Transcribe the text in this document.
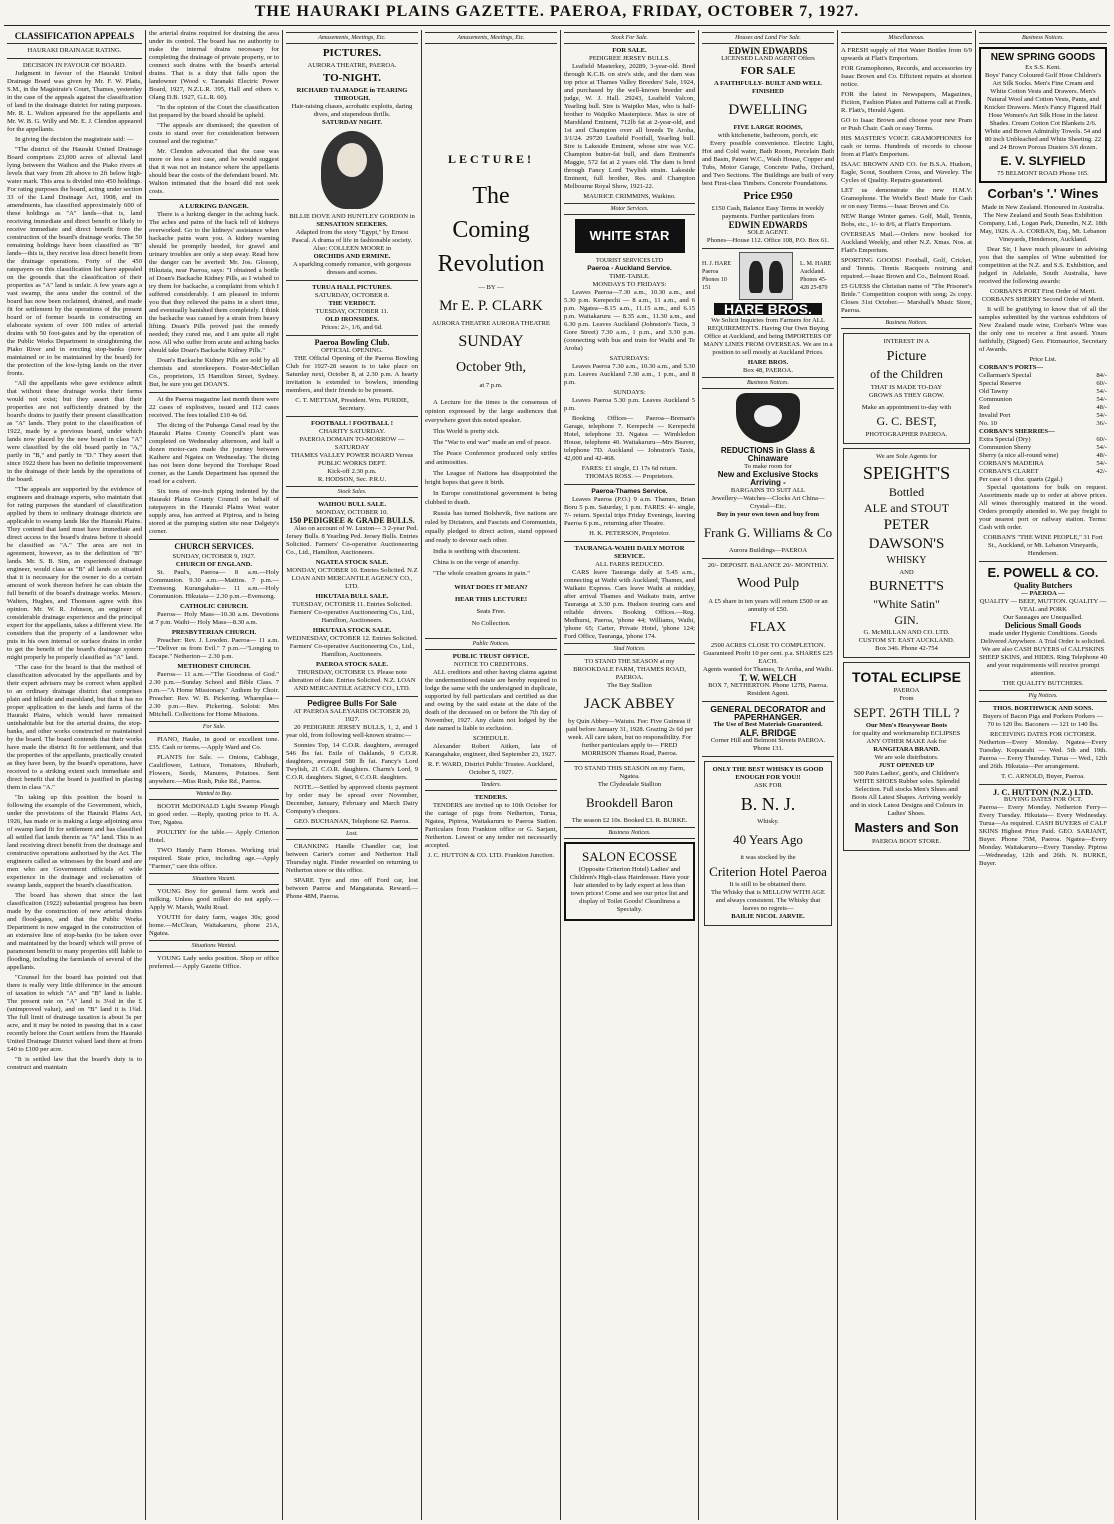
THE HAURAKI PLAINS GAZETTE. PAEROA, FRIDAY, OCTOBER 7, 1927.
CLASSIFICATION APPEALS
HAURAKI DRAINAGE RATING.
DECISION IN FAVOUR OF BOARD.

Judgment in favour of the Hauraki United Drainage Board was given by Mr. F. W. Platts, S.M., in the Magistrate's Court, Thames, yesterday in the case of the appeals against the classification of land in the drainage district for rating purposes. Mr. R. L. Walton appeared for the appellants and Mr. W. B. G. Willy and Mr. E. J. Clendon appeared for the appellants.

In giving the decision the magistrate said: —

"The district of the Hauraki United Drainage Board comprises 23,000 acres of alluvial land lying between the Waihou and the Piako rivers at levels that vary from 2ft above to 2ft below high-water mark. This area is divided into 450 holdings. For rating purposes the board, acting under section 33 of the Land Drainage Act, 1908, and its amendments, has classified approximately 600 of these holdings as "A" lands—that is, land receiving immediate and direct benefit or likely to receive immediate and direct benefit from the construction of the board's drainage works. The 50 remaining holdings have been classified as "B" lands—this is, they receive less direct benefit from the drainage operations. Forty of the 450 ratepayers on this classification list have appealed on the grounds that the classification of their properties as "A" land is unfair. A few years ago a vast swamp, the area under the control of the board has now been reclaimed, drained, and made fit for settlement by the operations of the present board or of former boards in constructing an elaborate system of over 100 miles of arterial drains with 50 foot-gates and by the operation of the Public Works Department in straightening the Piako River and in erecting stop-banks (now maintained or to be maintained by the board) for the protection of the low-lying lands on the river fronts.

"All the appellants who gave evidence admit that without these drainage works their farms would not exist; but they assert that their properties are not sufficiently drained by the board's drains to justify their present classification as "A" lands. They point to the classification of 1922, made by a previous board, under which lands now placed by the new board in class "A" were classified by the old board partly in "A," partly in "B," and partly in "D." They assert that since 1922 there has been no definite improvement in the drainage of their lands by the operations of the board.

"The appeals are supported by the evidence of engineers and drainage experts, who maintain that for rating purposes the standard of classification applied by them to ordinary drainage districts are applicable to swamp lands like the Hauraki Plains. They contend that land must have immediate and direct access to the board's drains before it should be classified as "A." The area are not in agreement, however, as to the definition of "B" lands. Mr. S. B. Sim, an experienced drainage engineer, would class as "B" all lands so situated that it is necessary for the owner to do a certain amount of work thereon before he can obtain the full benefit of the board's drainage works. Messrs. Walters, Hughes, and Thomson agree with this opinion. Mr. W. R. Johnson, an engineer of considerable drainage experience and the principal expert for the appellants, takes a different view. He considers that the property of a landowner who puts in his own internal or surface drains in order to get the benefit of the board's drainage system might properly be properly classified as "A" land.

"The case for the board is that the method of classification advocated by the appellants and by their expert advisers may be correct when applied to an ordinary drainage district that comprises plain and hillside and marshland, but that it has no proper application to the lands and farms of the Hauraki Plains, which would have remained uninhabitable but for the arterial drains, the stop-banks, and other works constructed or maintained by the board. The board contends that their works have made the district fit for settlement, and that the properties of the appellants, practically created as they have been, by the board's operations, have received to a striking extent such immediate and direct benefit that the board is justified in placing them in class "A."

"In taking up this position the board is following the example of the Government, which, under the provisions of the Hauraki Plains Act, 1926, has made or is making a large adjoining area of swamp land fit for settlement and has classified all settled flat lands therein as "A" land. This is as land receiving direct benefit from the drainage and constructive operations authorised by the Act. The engineers called as witnesses by the board and are men who are Government officials of wide experience in the drainage and reclamation of swamp lands, support the board's classification.

The board has shown that since the last classification (1922) substantial progress has been made by the construction of new arterial drains and flood-gates, and that the Public Works Department is now engaged in the construction of an extensive line of stop-banks (to be taken over and maintained by the board) which will prove of paramount benefit to many properties still liable to flooding, including the farmlands of several of the appellants.

"Counsel for the board has pointed out that there is really very little difference in the amount of taxation to which "A" and "B" land is liable. The present rate on "A" land is 3¼d in the £ (unimproved value), and on "B" land it is 1¾d. The full limit of drainage taxation is about 3s per acre, and it may be noted in passing that in a case recently before the Court settlers from the Hauraki United Drainage District valued land there at from £40 to £100 per acre.

"It is settled law that the board's duty is to construct and maintain

the arterial drains required for draining the area under its control. The board has no authority to make the internal drains necessary for completing the drainage of private property, or to connect such drains with the board's arterial drains. That is a duty that falls upon the landowner (Wood v. Taranaki Electric Power Board, 1927, N.Z.L.R. 395, Hall and others v. Olang D.B. 1927, G.L.R. 60).

"In the opinion of the Court the classification list prepared by the board should be upheld.

"The appeals are dismissed; the question of costs to stand over for consideration between counsel and the registrar."

Mr. Clendon advocated that the case was more or less a test case, and he would suggest that it was not an instance where the appellants should bear the costs of the defendant board. Mr. Walton intimated that the board did not seek costs.

A LURKING DANGER.

There is a lurking danger in the aching back. The aches and pains of the back tell of kidneys overworked. Go to the kidneys' assistance when backache pains warn you. A kidney warning should be promptly heeded, for gravel and urinary troubles are only a step away. Read how the danger can be averted: Mr. Jos. Glossop, Hikutaia, near Paeroa, says: "I obtained a bottle of Doan's Backache Kidney Pills, as I wished to try them for backache, a complaint from which I suffered considerably. I am pleased to inform you that they relieved the pains in a short time, and eventually banished them completely. I think the backache was caused by a strain from heavy lifting. Doan's Pills proved just the remedy needed; they cured me, and I am quite all right now. All who suffer from acute and aching backs should take Doan's Backache Kidney Pills."

Doan's Backache Kidney Pills are sold by all chemists and storekeepers. Foster-McClellan Co., proprietors, 15 Hamilton Street, Sydney. But, be sure you get DOAN'S.

At the Paeroa magazine last month there were 22 cases of explosives, issued and 112 cases received. The fees totalled £10 4s 6d.

The dicing of the Puhanga Canal road by the Hauraki Plains County Council's plant was completed on Wednesday afternoon, and half a dozen motor-cars made the journey between Kaihere and Ngatea on Wednesday. The dicing has not been done beyond the Torehape Road corner, as the Lands Department has opened the road for a culvert.

Six tons of one-inch piping indented by the Hauraki Plains County Council on behalf of ratepayers in the Hauraki Plains West water supply area, has arrived at Pipiroa, and is being stored at the pumping station site near Dalgety's corner.

CHURCH SERVICES.
SUNDAY, OCTOBER 9, 1927.
CHURCH OF ENGLAND.

St. Paul's, Paeroa— 8 a.m.—Holy Communion. 9.30 a.m.—Mattins. 7 p.m.—Evensong. Kurangahake— 11 a.m.—Holy Communion. Hikutaia— 2.30 p.m.—Evensong.

CATHOLIC CHURCH.

Paeroa— Holy Mass—10.30 a.m. Devotions at 7 p.m. Waihi— Holy Mass—8.30 a.m.

PRESBYTERIAN CHURCH.

Preacher: Rev. J. Lowden. Paeroa— 11 a.m.—"Deliver us from Evil." 7 p.m.—"Longing to Escape." Netherton— 2.30 p.m.

METHODIST CHURCH.

Paeroa— 11 a.m.—"The Goodness of God." 2.30 p.m.—Sunday School and Bible Class. 7 p.m.—"A Home Missionary." Anthem by Choir. Preacher: Rev. W. B. Pickering. Whareplaa— 2.30 p.m.—Rev. Pickering. Soloist: Mrs Mitchell. Collections for Home Missions.

For Sale.

PIANO, Hauke, in good or excellent tone. £35. Cash or terms.—Apply Ward and Co.

PLANTS for Sale. — Onions, Cabbage, Cauliflower, Lettuce, Tomatoes, Rhubarb, Flowers, Seeds, Manures, Potatoes. Sent anywhere.—Miss Rush, Puke Rd., Paeroa.

Wanted to Buy.

BOOTH McDONALD Light Swamp Plough in good order. —Reply, quoting price to H. A. Torr, Ngatea.

POULTRY for the table.— Apply Criterion Hotel.

TWO Handy Farm Horses. Working trial required. State price, including age.—Apply "Farmer," care this office.

Situations Vacant.

YOUNG Boy for general farm work and milking. Unless good milker do not apply.—Apply W. Marsh, Waihi Road.

YOUTH for dairy farm, wages 30s; good home.—McClean, Waitakaruru, phone 21A, Ngatea.

Situations Wanted.

YOUNG Lady seeks position. Shop or office preferred.— Apply Gazette Office.

Amusements, Meetings, Etc.
PICTURES.
AURORA THEATRE, PAEROA.
TO-NIGHT.
RICHARD TALMADGE in TEARING THROUGH.
Hair-raising chases, acrobatic exploits, daring dives, and stupendous thrills.
SATURDAY NIGHT.
BILLIE DOVE AND HUNTLEY GORDON in
SENSATION SEEKERS.
Adapted from the story "Egypt," by Ernest Pascal. A drama of life in fashionable society.
Also: COLLEEN MOORE in
ORCHIDS AND ERMINE.
A sparkling comedy romance, with gorgeous dresses and scenes.
TURUA HALL PICTURES.
SATURDAY, OCTOBER 8.
THE VERDICT.
TUESDAY, OCTOBER 11.
OLD IRONSIDES.
Prices: 2/-, 1/6, and 6d.
Paeroa Bowling Club.
OFFICIAL OPENING.

THE Official Opening of the Paeroa Bowling Club for 1927-28 season is to take place on Saturday next, October 8, at 2.30 p.m. A hearty invitation is extended to bowlers, intending members, and their friends to be present.

C. T. METTAM, President. Wm. PURDIE, Secretary.
FOOTBALL ! FOOTBALL !
CHARITY SATURDAY.
PAEROA DOMAIN TO-MORROW — SATURDAY
THAMES VALLEY POWER BOARD Versus PUBLIC WORKS DEPT.
Kick-off 2.30 p.m.
R. HODSON, Sec. P.R.U.
Stock Sales.
WAIHOU BULL SALE.
MONDAY, OCTOBER 10.
150 PEDIGREE & GRADE BULLS.

Also on account of W. Luxton— 3 2-year Ped. Jersey Bulls. 8 Yearling Ped. Jersey Bulls. Entries Solicited. Farmers' Co-operative Auctioneering Co., Ltd., Hamilton, Auctioneers.

NGATEA STOCK SALE.

MONDAY, OCTOBER 10. Entries Solicited. N.Z LOAN AND MERCANTILE AGENCY CO., LTD.

HIKUTAIA BULL SALE.

TUESDAY, OCTOBER 11. Entries Solicited. Farmers' Co-operative Auctioneering Co., Ltd., Hamilton, Auctioneers.

HIKUTAIA STOCK SALE.

WEDNESDAY, OCTOBER 12. Entries Solicited. Farmers' Co-operative Auctioneering Co., Ltd., Hamilton, Auctioneers.

PAEROA STOCK SALE.

THURSDAY, OCTOBER 13. Please note alteration of date. Entries Solicited. N.Z. LOAN AND MERCANTILE AGENCY CO., LTD.

Pedigree Bulls For Sale
AT PAEROA SALEYARDS OCTOBER 20, 1927.

20 PEDIGREE JERSEY BULLS, 1, 2, and 1 year old, from following well-known strains:—

Sonnies Top, 14 C.O.R. daughters, averaged 546 lbs fat. Exile of Oaklands, 9 C.O.R. daughters, averaged 580 lb fat. Fancy's Lord Twylish, 21 C.O.R. daughters. Charm's Lord, 9 C.O.R. daughters. Signet, 6 C.O.R. daughters.

NOTE.—Settled by approved clients payment by order may be spread over November, December, January, February and March Dairy Company's cheques.

GEO. BUCHANAN, Telephone 62. Paeroa.
Lost.

CRANKING Handle Chandler car, lost between Carter's corner and Netherton Hall Thursday night. Finder rewarded on returning to Netherton store or this office.

SPARE Tyre and rim off Ford car, lost between Paeroa and Mangatarata. Reward.—Phone 48M, Paeroa.

Amusements, Meetings, Etc.
LECTURE!
The
Coming
Revolution
— BY —
Mr E. P. CLARK
AURORA THEATRE AURORA THEATRE
SUNDAY
October 9th,
at 7 p.m.

A Lecture for the times is the consensus of opinion expressed by the large audiences that everywhere greet this noted speaker.

This World is pretty sick.

The "War to end war" made an end of peace.

The Peace Conference produced only strifes and animosities.

The League of Nations has disappointed the bright hopes that gave it birth.

In Europe constitutional government is being clubbed to death.

Russia has turned Bolshevik, five nations are ruled by Dictators, and Fascists and Communists, equally pledged to direct action, stand opposed and ready to devour each other.

India is seething with discontent.

China is on the verge of anarchy.

"The whole creation groans in pain."

WHAT DOES IT MEAN?
HEAR THIS LECTURE!
Seats Free.
No Collection.
Public Notices.
PUBLIC TRUST OFFICE.
NOTICE TO CREDITORS.

ALL creditors and other having claims against the undermentioned estate are hereby required to lodge the same with the undersigned in duplicate, supported by full particulars and certified as due and owing by the said estate at the date of the death of the deceased on or before the 7th day of November, 1927. Any claim not lodged by the date named is liable to exclusion.

SCHEDULE.

Alexander Robert Aitken, late of Karangahake, engineer, died September 23, 1927.

R. F. WARD, District Public Trustee. Auckland, October 5, 1927.
Tenders.
TENDERS.

TENDERS are invited up to 10th October for the cartage of pigs from Netherton, Turua, Ngatea, Pipiroa, Waitakaruru to Paeroa Station. Particulars from Frankton office or G. Sarjant, Netherton. Lowest or any tender not necessarily accepted.

J. C. HUTTON & CO. LTD. Frankton Junction.
Stock For Sale.
FOR SALE.
PEDIGREE JERSEY BULLS.

Leafield Masterkey, 20289, 3-year-old. Bred through K.C.B. on sire's side, and the dam was top price at Thames Valley Breeders' Sale, 1924, and purchased by the well-known breeder and judge, W. J. Hall. 29243, Leafield Valcon, Yearling bull. Sire is Waipiko Max, who is half-brother to Waipiko Masterpiece. Max is sire of Marshland Eminent, 712lb fat at 2-year-old, and 1st and Champion over all breeds Te Aroha, 3/1/24. 29720 Leafield Footfall, Yearling bull. Sire is Lakeside Eminent, whose sire was V.C. Champion butter-fat bull, and dam Eminent's Maggie, 572 fat at 2 years old. The dam is bred through Fancy Lord Twylish strain. Lakeside Eminent, full brother, Res. and Champion Melbourne Royal Show, 1921-22.

MAURICE CRIMMINS, Waikino.
Motor Services.
WHITE STAR
TOURIST SERVICES LTD
Paeroa - Auckland Service.
TIME-TABLE.
MONDAYS TO FRIDAYS:

Leaves Paeroa—7.30 a.m., 10.30 a.m., and 5.30 p.m. Kerepechi — 8 a.m., 11 a.m., and 6 p.m. Ngatea—8.15 a.m., 11.15 a.m., and 6.15 p.m. Waitakaruru — 8.35 a.m., 11.30 a.m., and 6.30 p.m. Leaves Auckland (Johnston's Taxis, 3 Gore Street) 7.30 a.m., 1 p.m., and 3.30 p.m. (connecting with bus and train for Waihi and Te Aroha)

SATURDAYS:

Leaves Paeroa 7.30 a.m., 10.30 a.m., and 5.30 p.m. Leaves Auckland 7.30 a.m., 1 p.m., and 8 p.m.

SUNDAYS:

Leaves Paeroa 5.30 p.m. Leaves Auckland 5 p.m.

Booking Offices— Paeroa—Breman's Garage, telephone 7. Kerepechi — Kerepechi Hotel, telephone 33. Ngatea — Wimbledon House, telephone 40. Waitakaruru—Mrs Beaver, telephone 7D. Auckland — Johnston's Taxis, 42,000 and 42-468.

FARES: £1 single, £1 17s 6d return.
THOMAS ROSS. — Proprietors.
Paeroa-Thames Service.

Leaves Paeroa (P.O.) 9 a.m. Thames, Brian Boru 5 p.m. Saturday, 1 p.m. FARES: 4/- single, 7/- return. Special trips Friday Evenings, leaving Paeroa 6 p.m., returning after Theatre.

H. K. PETERSON, Proprietor.
TAURANGA-WAIHI DAILY MOTOR SERVICE.
ALL FARES REDUCED.

CARS leave Tauranga daily at 5.45 a.m., connecting at Waihi with Auckland, Thames, and Waikato Express. Cars leave Waihi at midday, after arrival Thames and Waikato train, arrive Tauranga at 3.30 p.m. Hudson touring cars and reliable drivers. Booking Offices.—Reg. Medhurst, Paeroa, 'phone 44; Williams, Waihi, 'phone 65; Carter, Private Hotel, 'phone 124; Ford Office, Tauranga, 'phone 174.

Stud Notices.
TO STAND THE SEASON at my
BROOKDALE FARM, THAMES ROAD, PAEROA.
The Bay Stallion
JACK ABBEY

by Quin Abbey—Waiutu. Fee: Five Guineas if paid before January 31, 1928. Grazing 2s 6d per week. All care taken, but no responsibility. For further particulars apply to— FRED MORRISON Thames Road, Paeroa.

TO STAND THIS SEASON on my Farm, Ngatea.
The Clydesdale Stallion
Brookdell Baron
The season £2 10s. Booked £3. R. BURKE.
Business Notices.
SALON ECOSSE

(Opposite Criterion Hotel) Ladies' and Children's High-class Hairdresser. Have your hair attended to by lady expert at less than town prices! Come and see our price list and display of Toilet Goods! Cleanliness a Specialty.

Houses and Land For Sale.
EDWIN EDWARDS
LICENSED LAND AGENT Offers
FOR SALE
A FAITHFULLY- BUILT AND WELL FINISHED
DWELLING
FIVE LARGE ROOMS,
with kitchenette, bathroom, porch, etc

Every possible convenience. Electric Light, Hot and Cold water, Bath Room, Porcelain Bath and Basin, Patent W.C., Wash House, Copper and Tubs, Motor Garage, Concrete Paths, Orchard, and Two Sections. The Buildings are built of very best First-class Timbers. Concrete Foundations.

Price £950
£150 Cash, Balance Easy Terms in weekly payments. Further particulars from
EDWIN EDWARDS
SOLE AGENT.
Phones—House 112. Office 108, P.O. Box 61.
H. J. HARE Paeroa Phones 10 151
L. M. HARE Auckland. Phones 45-428 25-879
HARE BROS.

We Solicit Inquiries from Farmers for ALL REQUIREMENTS. Having Our Own Buying Office at Auckland, and being IMPORTERS OF MANY LINES FROM OVERSEAS. We are in a position to sell mostly at Auckland Prices.

HARE BROS.
Box 48, PAEROA.
Business Notices.
REDUCTIONS in Glass & Chinaware
To make room for
New and Exclusive Stocks Arriving -
BARGAINS TO SUIT ALL
Jewellery—Watches—Clocks Art China—Crystal—Etc.
Buy in your own town and buy from
Frank G. Williams & Co
Aurora Buildings—PAEROA
20/- DEPOSIT. BALANCE 20/- MONTHLY.
Wood Pulp
A £5 share in ten years will return £500 or an annuity of £50.
FLAX
2500 ACRES CLOSE TO COMPLETION.
Guaranteed Profit 10 per cent. p.a. SHARES £25 EACH.
Agents wanted for Thames, Te Aroha, and Waihi.
T. W. WELCH
BOX 7, NETHERTON. Phone 127B, Paeroa. Resident Agent.
GENERAL DECORATOR and PAPERHANGER.
The Use of Best Materials Guaranteed.
ALF. BRIDGE
Corner Hill and Belmont Streets PAEROA. 'Phone 131.
ONLY THE BEST WHISKY IS GOOD ENOUGH FOR YOU!!
ASK FOR
B. N. J.
Whisky.
40 Years Ago
it was stocked by the
Criterion Hotel Paeroa
It is still to be obtained there.
The Whisky that is MELLOW WITH AGE and always consistent. The Whisky that leaves no regrets—
BAILIE NICOL JARVIE.
Miscellaneous.

A FRESH supply of Hot Water Bottles from 6/9 upwards at Flatt's Emporium.

FOR Gramophones, Records, and accessories try Isaac Brown and Co. Efficient repairs at shortest notice.

FOR the latest in Newspapers, Magazines, Fiction, Fashion Plates and Patterns call at Fredk. R. Flatt's, Herald Agent.

GO to Isaac Brown and choose your new Pram or Push Chair. Cash or easy Terms.

HIS MASTER'S VOICE GRAMOPHONES for cash or terms. Hundreds of records to choose from at Flatt's Emporium.

ISAAC BROWN AND CO. for B.S.A. Hudson, Eagle, Scout, Southern Cross, and Waveley. The Cycles of Quality. Repairs guaranteed.

LET us demonstrate the new H.M.V. Gramophone. The World's Best! Made for Cash or on easy Terms.—Isaac Brown and Co.

NEW Range Winter games. Golf, Mall, Tennis, Bobs, etc., 1/- to 8/6, at Flatt's Emporium.

OVERSEAS Mail.—Orders now booked for Auckland Weekly, and other N.Z. Xmas. Nos. at Flatt's Emporium.

SPORTING GOODS! Football, Golf, Cricket, and Tennis. Tennis Racquets restrung and repaired.—Isaac Brown and Co., Belmont Road.

£5 GUESS the Christian name of "The Prisoner's Bride." Competition coupon with song; 2s copy. Closes 31st October.— Marshall's Music Store, Paeroa.

Business Notices.
INTEREST IN A
Picture
of the Children
THAT IS MADE TO-DAY
GROWS AS THEY GROW.
Make an appointment to-day with
G. C. BEST,
PHOTOGRAPHER PAEROA.
We are Sole Agents for
SPEIGHT'S
Bottled
ALE and STOUT
PETER
DAWSON'S
WHISKY
AND
BURNETT'S
"White Satin"
GIN.
G. McMILLAN AND CO. LTD.
CUSTOM ST. EAST AUCKLAND.
Box 346. Phone 42-754
TOTAL ECLIPSE
PAEROA
From
SEPT. 26TH TILL ?
Our Men's Heavywear Boots
for quality and workmanship ECLIPSES ANY OTHER MAKE Ask for
RANGITARA BRAND.
We are sole distributors.
JUST OPENED UP
500 Pairs Ladies', gent's, and Children's WHITE SHOES Rubber soles. Splendid Selection. Full stocks Men's Shoes and Boots All Latest Shapes. Arriving weekly and in stock Latest Designs and Colours in Ladies' Shoes.
Masters and Son
PAEROA BOOT STORE.
Business Notices.
NEW SPRING GOODS
Ex S.S. Kent.

Boys' Fancy Coloured Golf Hose Children's Art Silk Socks. Men's Fine Cream and White Cotton Vests and Drawers. Men's Natural Wool and Cotton Vests, Pants, and Knicker Drawers. Men's Fancy Figured Half Hose Women's Art Silk Hose in the latest Shades. Cream Cotton Cot Blankets 2/6. White and Brown Admiralty Towels. 54 and 80 inch Unbleached and White Sheeting. 22 and 24 Brown Porous Dusters 3/6 dozen.

E. V. SLYFIELD
75 BELMONT ROAD Phone 165.
Corban's '.' Wines

Made in New Zealand. Honoured in Australia. The New Zealand and South Seas Exhibition Company, Ltd., Logan Park, Dunedin, N.Z. 18th May, 1926. A. A. CORBAN, Esq., Mt. Lebanon Vineyards, Henderson, Auckland.

Dear Sir, I have much pleasure in advising you that the samples of Wine submitted for competition at the N.Z. and S.S. Exhibition, and judged in Adelaide, South Australia, have received the following awards:

CORBAN'S PORT First Order of Merit. CORBAN'S SHERRY Second Order of Merit.

It will be gratifying to know that of all the samples submitted by the various exhibitors of New Zealand made wine, Corban's Wine was the only one to receive a first award. Yours faithfully, (Signed) Geo. Fitzmaurice, Secretary of Awards.

Price List.
CORBAN'S PORTS—
Cellarman's Special	84/-
Special Reserve	60/-
Old Tawny	54/-
Communion	54/-
Red	48/-
Invalid Port	54/-
No. 10	36/-
CORBAN'S SHERRIES—
Extra Special (Dry)	60/-
Communion Sherry	54/-
Sherry (a nice all-round wine)	48/-
CORBAN'S MADEIRA	54/-
CORBAN'S CLARET	42/-
Per case of 1 doz. quarts (2gal.)

Special quotations for bulk on request. Assortments made up to order at above prices. All wines thoroughly matured in the wood. Orders promptly attended to. We pay freight to your nearest port or railway station. Terms: Cash with order.

CORBAN'S "THE WINE PEOPLE," 31 Fort St., Auckland, or Mt. Lebanon Vineyards, Henderson.
E. POWELL & CO.
Quality Butchers
— PAEROA —
QUALITY — BEEF, MUTTON. QUALITY — VEAL and PORK
Our Sausages are Unequalled.
Delicious Small Goods

made under Hygienic Conditions. Goods Delivered Anywhere. A Trial Order is solicited. We are also CASH BUYERS of CALFSKINS SHEEP SKINS, and HIDES. Ring Telephone 40 and your requirements will receive prompt attention.

THE QUALITY BUTCHERS.
Pig Notices.
THOS. BORTHWICK AND SONS.

Buyers of Bacon Pigs and Porkers Porkers — 70 to 120 lbs. Baconers — 121 to 140 lbs.

RECEIVING DATES FOR OCTOBER.

Netherton—Every Monday. Ngatea—Every Tuesday. Kopuarahi — Wed. 5th and 19th. Paeroa — Every Thursday. Turua — Wed., 12th and 26th. Hikutaia—Per arrangement.

T. C. ARNOLD, Buyer, Paeroa.
J. C. HUTTON (N.Z.) LTD.
BUYING DATES FOR OCT.

Paeroa— Every Monday. Netherton Ferry—Every Tuesday. Hikutaia— Every Wednesday. Turua—As required. CASH BUYERS of CALF SKINS Highest Price Paid. GEO. SARJANT, Buyer. Phone 75M, Paeroa. Ngatea—Every Monday. Waitakaruru—Every Tuesday. Pipiroa—Wednesday, 12th and 26th. N. BURKE, Buyer.
